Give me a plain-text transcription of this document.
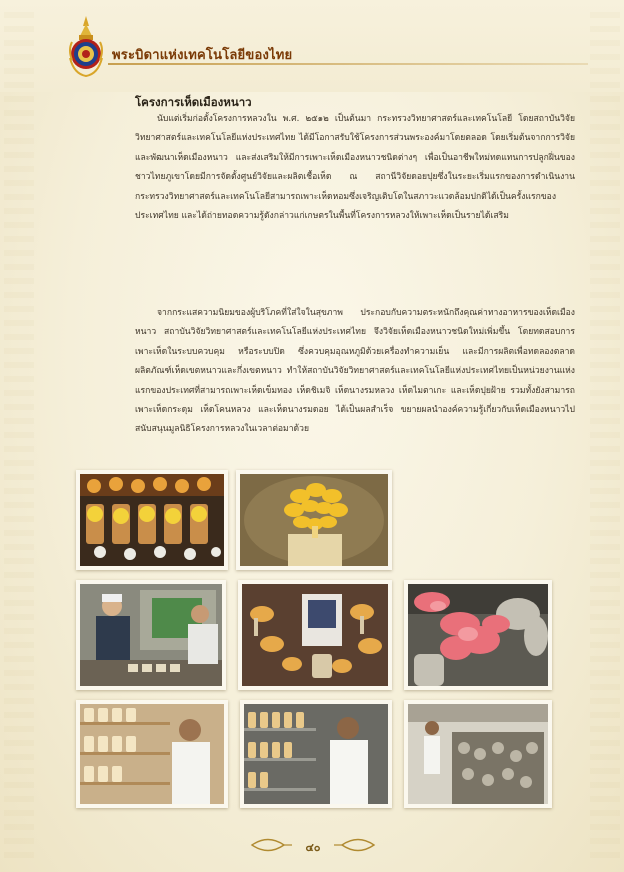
พระบิดาแห่งเทคโนโลยีของไทย
โครงการเห็ดเมืองหนาว
นับแต่เริ่มก่อตั้งโครงการหลวงใน พ.ศ. ๒๕๑๒ เป็นต้นมา กระทรวงวิทยาศาสตร์และเทคโนโลยี โดยสถาบันวิจัยวิทยาศาสตร์และเทคโนโลยีแห่งประเทศไทย ได้มีโอกาสรับใช้โครงการส่วนพระองค์มาโดยตลอด โดยเริ่มต้นจากการวิจัยและพัฒนาเห็ดเมืองหนาว และส่งเสริมให้มีการเพาะเห็ดเมืองหนาวชนิดต่างๆ เพื่อเป็นอาชีพใหม่ทดแทนการปลูกฝิ่นของชาวไทยภูเขาโดยมีการจัดตั้งศูนย์วิจัยและผลิตเชื้อเห็ด ณ สถานีวิจัยดอยปุยซึ่งในระยะเริ่มแรกของการดำเนินงาน กระทรวงวิทยาศาสตร์และเทคโนโลยีสามารถเพาะเห็ดหอมซึ่งเจริญเติบโตในสภาวะแวดล้อมปกติได้เป็นครั้งแรกของประเทศไทย และได้ถ่ายทอดความรู้ดังกล่าวแก่เกษตรในพื้นที่โครงการหลวงให้เพาะเห็ดเป็นรายได้เสริม
จากกระแสความนิยมของผู้บริโภคที่ใส่ใจในสุขภาพ ประกอบกับความตระหนักถึงคุณค่าทางอาหารของเห็ดเมืองหนาว สถาบันวิจัยวิทยาศาสตร์และเทคโนโลยีแห่งประเทศไทย จึงวิจัยเห็ดเมืองหนาวชนิดใหม่เพิ่มขึ้น โดยทดสอบการเพาะเห็ดในระบบควบคุม หรือระบบปิด ซึ่งควบคุมอุณหภูมิด้วยเครื่องทำความเย็น และมีการผลิตเพื่อทดลองตลาดผลิตภัณฑ์เห็ดเขตหนาวและกึ่งเขตหนาว ทำให้สถาบันวิจัยวิทยาศาสตร์และเทคโนโลยีแห่งประเทศไทยเป็นหน่วยงานแห่งแรกของประเทศที่สามารถเพาะเห็ดเข็มทอง เห็ดชิเมจิ เห็ดนางรมหลวง เห็ดไมตาเกะ และเห็ดปุยฝ้าย รวมทั้งยังสามารถเพาะเห็ดกระดุม เห็ดโคนหลวง และเห็ดนางรมดอย ได้เป็นผลสำเร็จ ขยายผลนำองค์ความรู้เกี่ยวกับเห็ดเมืองหนาวไปสนับสนุนมูลนิธิโครงการหลวงในเวลาต่อมาด้วย
๔๐
